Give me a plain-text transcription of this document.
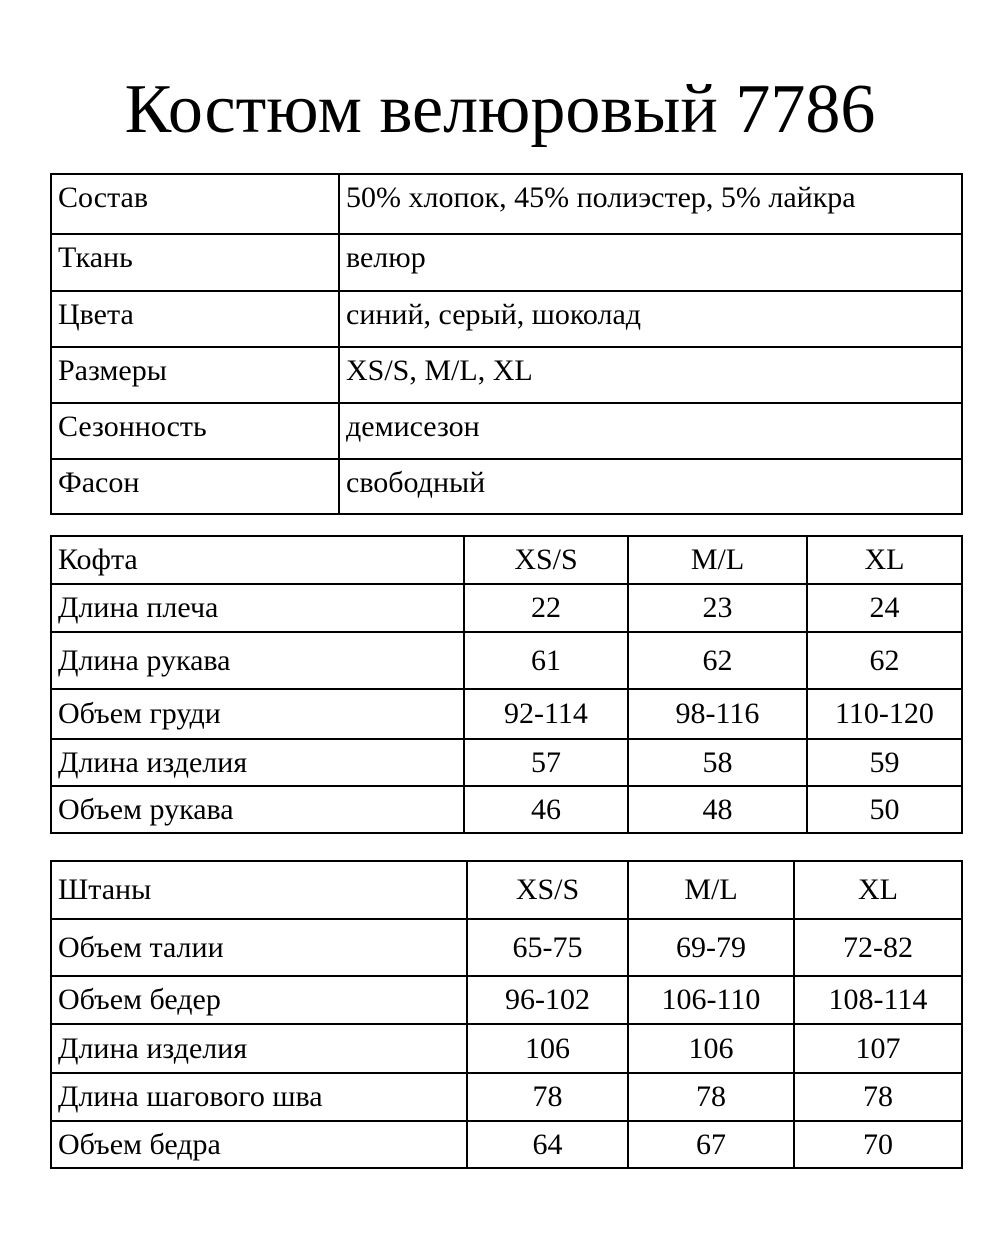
Костюм велюровый 7786
Состав	50% хлопок, 45% полиэстер, 5% лайкра
Ткань	велюр
Цвета	синий, серый, шоколад
Размеры	XS/S, M/L, XL
Сезонность	демисезон
Фасон	свободный
Кофта	XS/S	M/L	XL
Длина плеча	22	23	24
Длина рукава	61	62	62
Объем груди	92-114	98-116	110-120
Длина изделия	57	58	59
Объем рукава	46	48	50
Штаны	XS/S	M/L	XL
Объем талии	65-75	69-79	72-82
Объем бедер	96-102	106-110	108-114
Длина изделия	106	106	107
Длина шагового шва	78	78	78
Объем бедра	64	67	70
